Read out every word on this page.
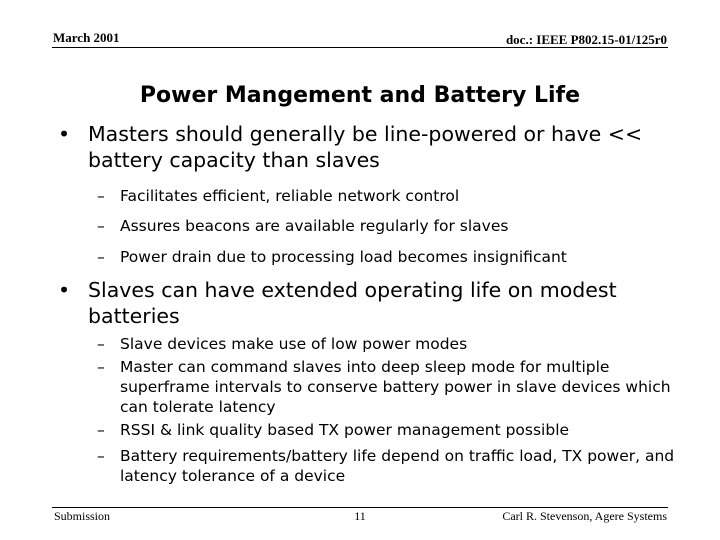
March 2001	doc.: IEEE P802.15-01/125r0
Power Mangement and Battery Life
• Masters should generally be line-powered or have << battery capacity than slaves
– Facilitates efficient, reliable network control
– Assures beacons are available regularly for slaves
– Power drain due to processing load becomes insignificant
• Slaves can have extended operating life on modest batteries
– Slave devices make use of low power modes
– Master can command slaves into deep sleep mode for multiple superframe intervals to conserve battery power in slave devices which can tolerate latency
– RSSI & link quality based TX power management possible
– Battery requirements/battery life depend on traffic load, TX power, and latency tolerance of a device
Submission	11	Carl R. Stevenson, Agere Systems
